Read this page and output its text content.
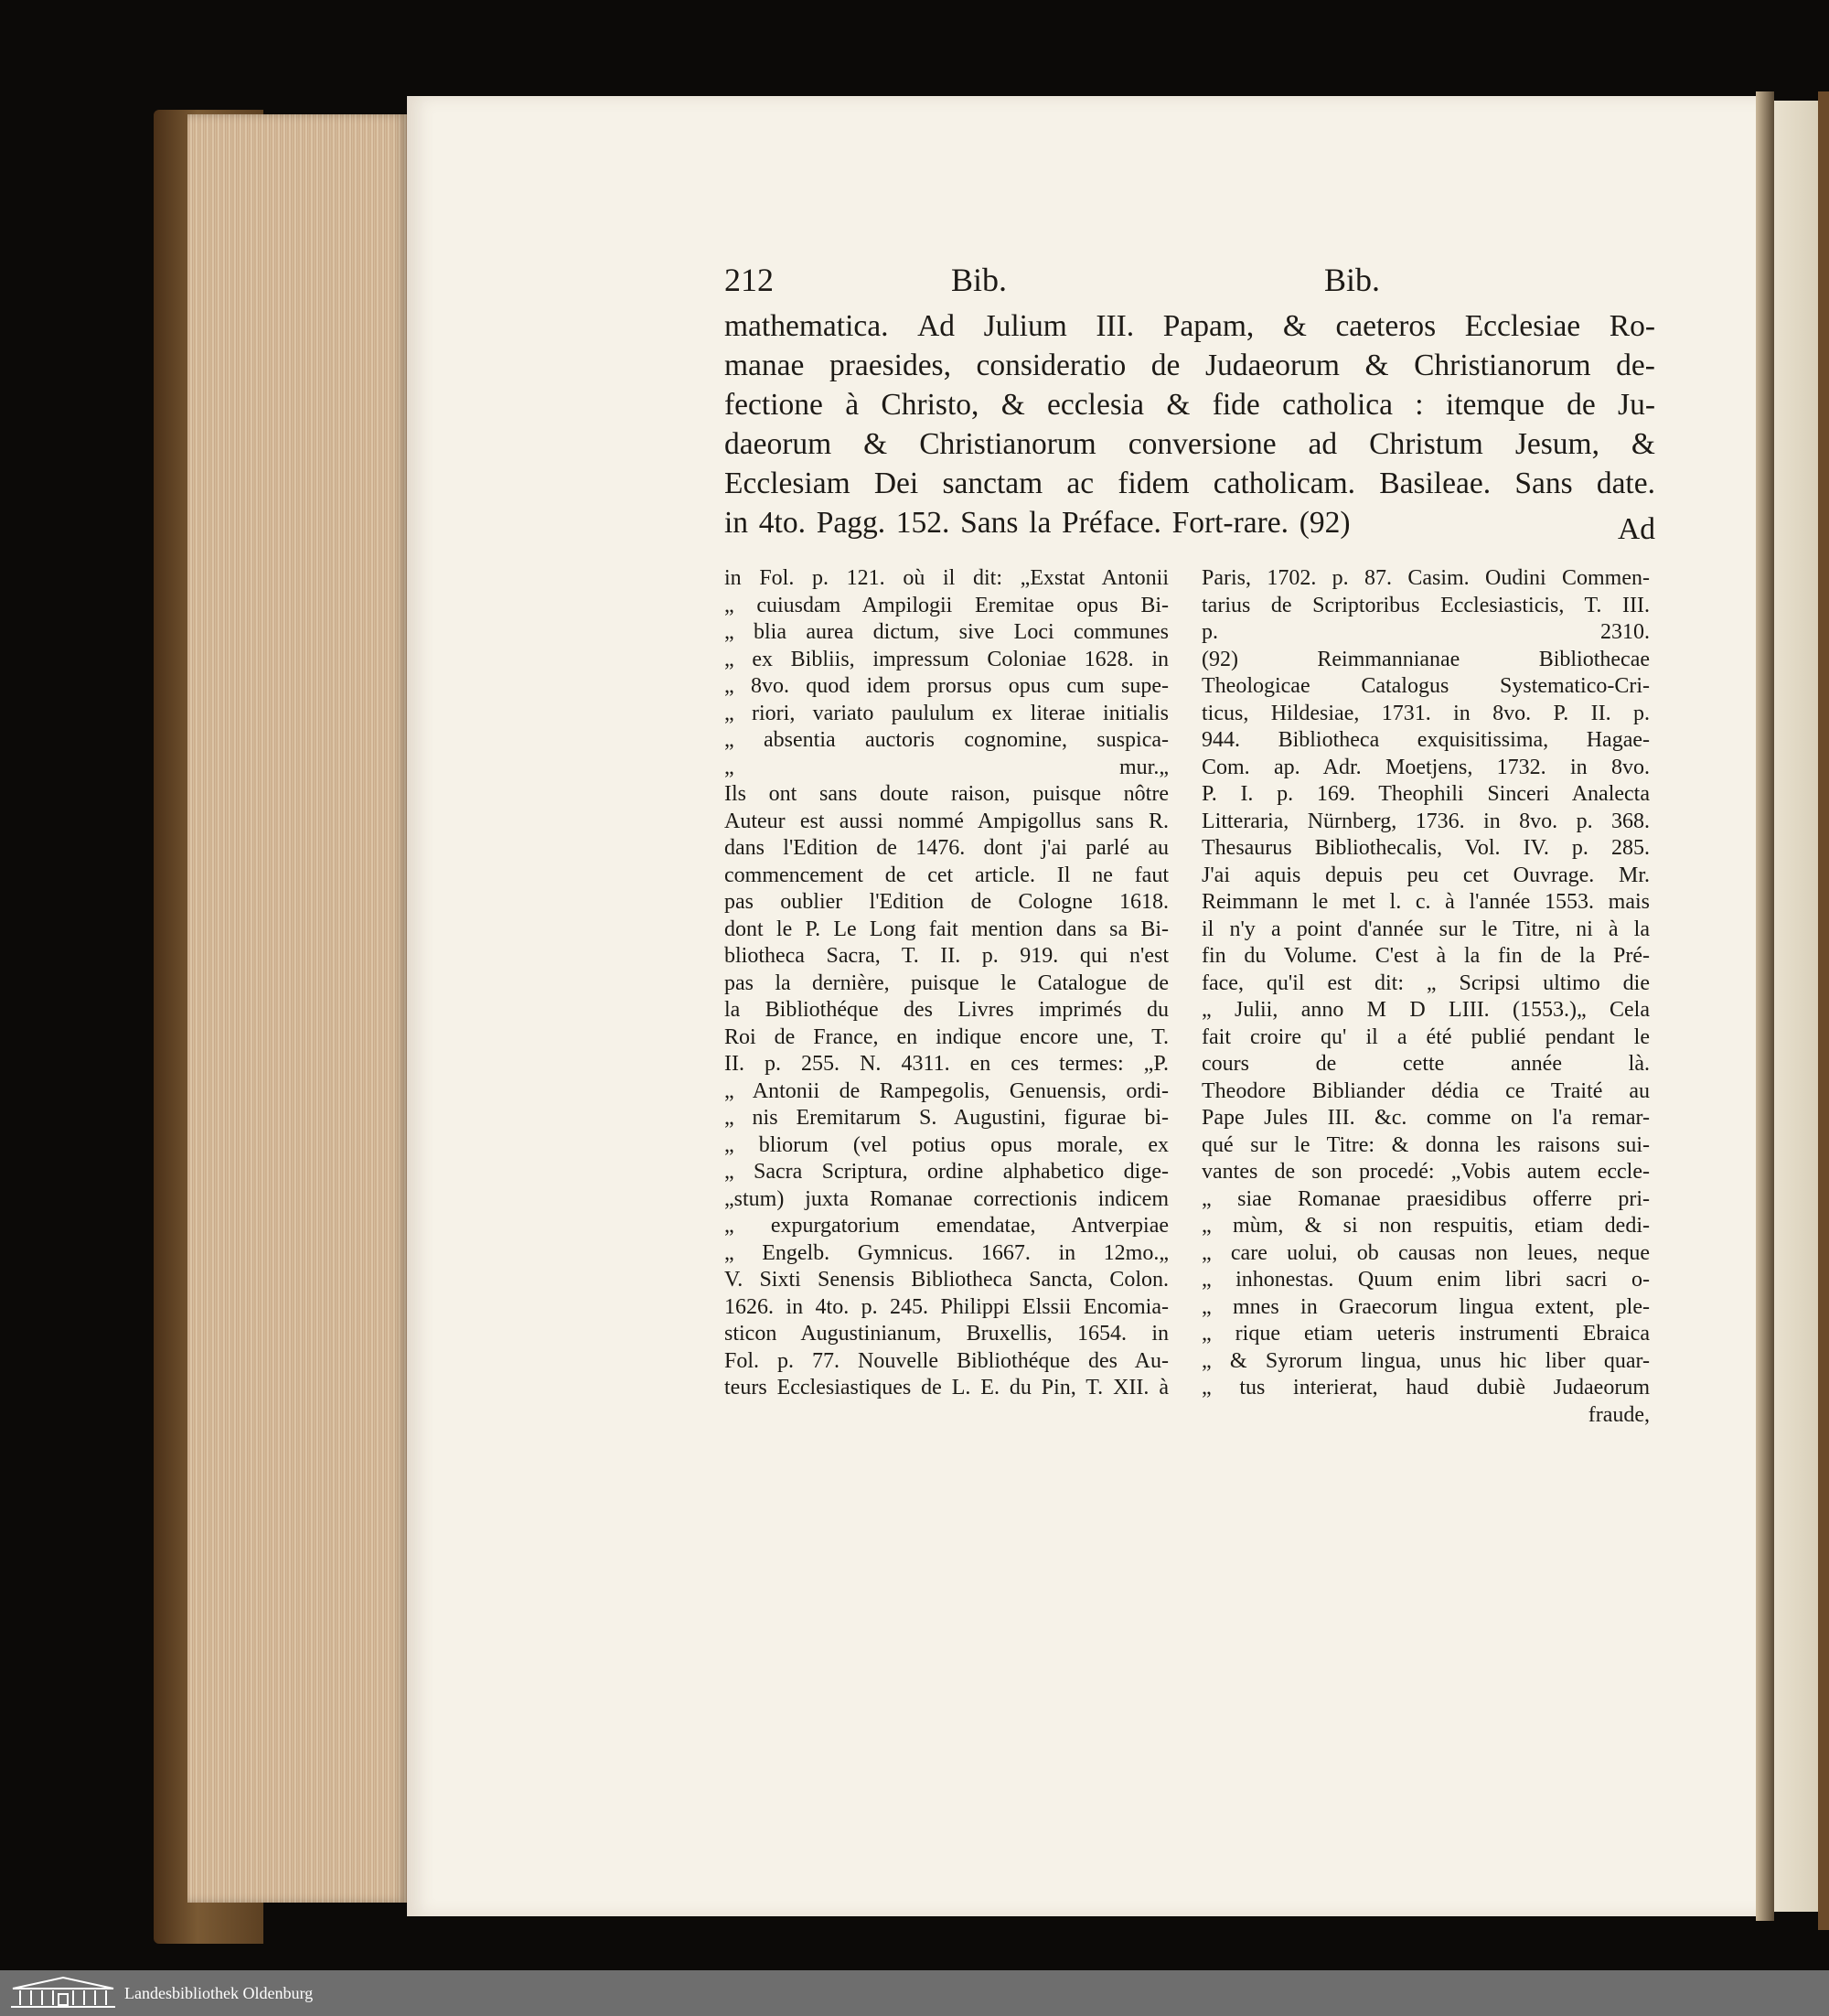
212	Bib.	Bib.
mathematica. Ad Julium III. Papam, & caeteros Ecclesiae Ro-
manae praesides, consideratio de Judaeorum & Christianorum de-
fectione à Christo, & ecclesia & fide catholica : itemque de Ju-
daeorum & Christianorum conversione ad Christum Jesum, &
Ecclesiam Dei sanctam ac fidem catholicam. Basileae. Sans date.
in 4to. Pagg. 152. Sans la Préface. Fort-rare. (92)	Ad
in Fol. p. 121. où il dit: „Exstat Antonii
„ cuiusdam Ampilogii Eremitae opus Bi-
„ blia aurea dictum, sive Loci communes
„ ex Bibliis, impressum Coloniae 1628. in
„ 8vo. quod idem prorsus opus cum supe-
„ riori, variato paululum ex literae initialis
„ absentia auctoris cognomine, suspica-
„ mur.„
Ils ont sans doute raison, puisque nôtre
Auteur est aussi nommé Ampigollus sans R.
dans l'Edition de 1476. dont j'ai parlé au
commencement de cet article. Il ne faut
pas oublier l'Edition de Cologne 1618.
dont le P. Le Long fait mention dans sa Bi-
bliotheca Sacra, T. II. p. 919. qui n'est
pas la dernière, puisque le Catalogue de
la Bibliothéque des Livres imprimés du
Roi de France, en indique encore une, T.
II. p. 255. N. 4311. en ces termes: „P.
„ Antonii de Rampegolis, Genuensis, ordi-
„ nis Eremitarum S. Augustini, figurae bi-
„ bliorum (vel potius opus morale, ex
„ Sacra Scriptura, ordine alphabetico dige-
„stum) juxta Romanae correctionis indicem
„ expurgatorium emendatae, Antverpiae
„ Engelb. Gymnicus. 1667. in 12mo.„
V. Sixti Senensis Bibliotheca Sancta, Colon.
1626. in 4to. p. 245. Philippi Elssii Encomia-
sticon Augustinianum, Bruxellis, 1654. in
Fol. p. 77. Nouvelle Bibliothéque des Au-
teurs Ecclesiastiques de L. E. du Pin, T. XII. à
Paris, 1702. p. 87. Casim. Oudini Commen-
tarius de Scriptoribus Ecclesiasticis, T. III.
p. 2310.
(92) Reimmannianae Bibliothecae
Theologicae Catalogus Systematico-Cri-
ticus, Hildesiae, 1731. in 8vo. P. II. p.
944. Bibliotheca exquisitissima, Hagae-
Com. ap. Adr. Moetjens, 1732. in 8vo.
P. I. p. 169. Theophili Sinceri Analecta
Litteraria, Nürnberg, 1736. in 8vo. p. 368.
Thesaurus Bibliothecalis, Vol. IV. p. 285.
J'ai aquis depuis peu cet Ouvrage. Mr.
Reimmann le met l. c. à l'année 1553. mais
il n'y a point d'année sur le Titre, ni à la
fin du Volume. C'est à la fin de la Pré-
face, qu'il est dit: „ Scripsi ultimo die
„ Julii, anno M D LIII. (1553.)„ Cela
fait croire qu' il a été publié pendant le
cours de cette année là.
Theodore Bibliander dédia ce Traité au
Pape Jules III. &c. comme on l'a remar-
qué sur le Titre: & donna les raisons sui-
vantes de son procedé: „Vobis autem eccle-
„ siae Romanae praesidibus offerre pri-
„ mùm, & si non respuitis, etiam dedi-
„ care uolui, ob causas non leues, neque
„ inhonestas. Quum enim libri sacri o-
„ mnes in Graecorum lingua extent, ple-
„ rique etiam ueteris instrumenti Ebraica
„ & Syrorum lingua, unus hic liber quar-
„ tus interierat, haud dubiè Judaeorum
fraude,
Landesbibliothek Oldenburg
